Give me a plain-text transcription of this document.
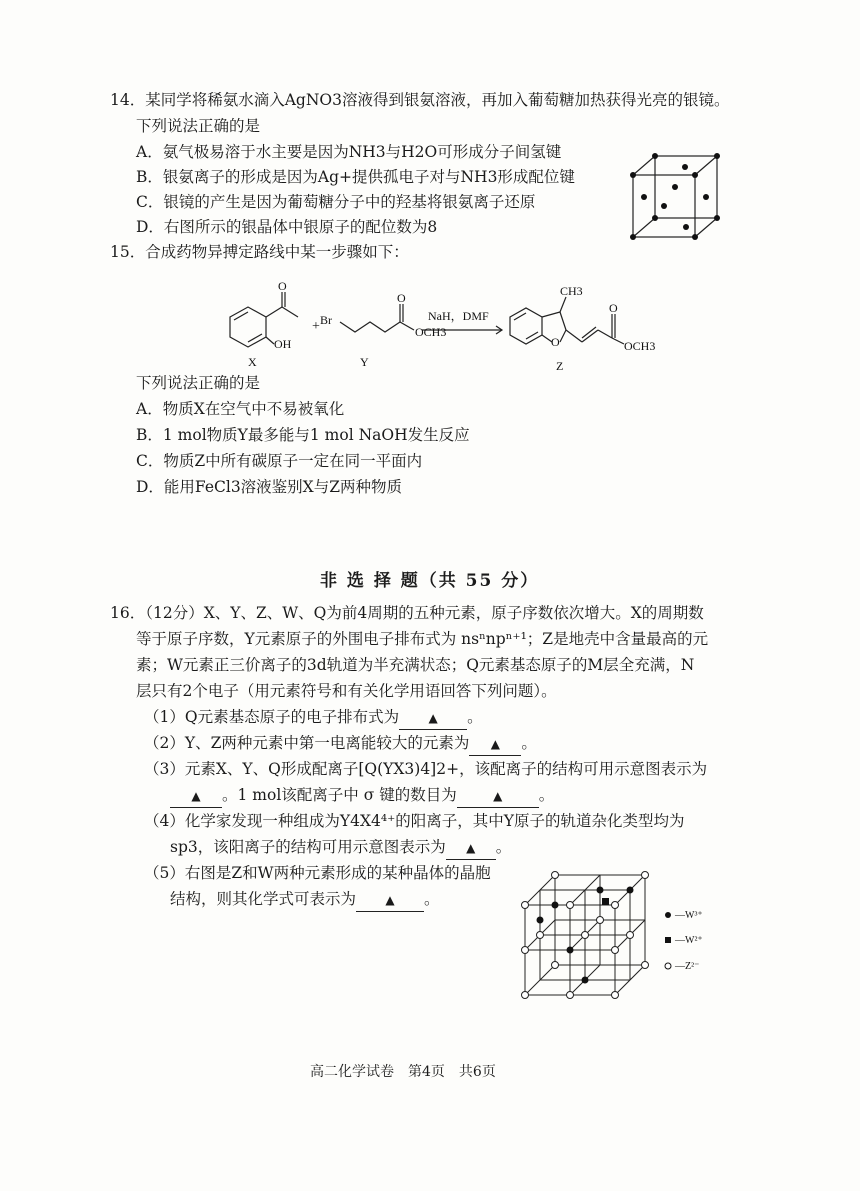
14．某同学将稀氨水滴入AgNO3溶液得到银氨溶液，再加入葡萄糖加热获得光亮的银镜。
下列说法正确的是
A．氨气极易溶于水主要是因为NH3与H2O可形成分子间氢键
B．银氨离子的形成是因为Ag+提供孤电子对与NH3形成配位键
C．银镜的产生是因为葡萄糖分子中的羟基将银氨离子还原
D．右图所示的银晶体中银原子的配位数为8
15．合成药物异搏定路线中某一步骤如下：
O
OH
X
+ Br
O
OCH3
Y
NaH，DMF
O
CH3
O
OCH3
Z
下列说法正确的是
A．物质X在空气中不易被氧化
B．1 mol物质Y最多能与1 mol NaOH发生反应
C．物质Z中所有碳原子一定在同一平面内
D．能用FeCl3溶液鉴别X与Z两种物质
非 选 择 题（共 55 分）
16．（12分）X、Y、Z、W、Q为前4周期的五种元素，原子序数依次增大。X的周期数
等于原子序数，Y元素原子的外围电子排布式为 nsⁿnpⁿ⁺¹；Z是地壳中含量最高的元
素；W元素正三价离子的3d轨道为半充满状态；Q元素基态原子的M层全充满，N
层只有2个电子（用元素符号和有关化学用语回答下列问题）。
（1）Q元素基态原子的电子排布式为 ▲ 。
（2）Y、Z两种元素中第一电离能较大的元素为 ▲ 。
（3）元素X、Y、Q形成配离子[Q(YX3)4]2+，该配离子的结构可用示意图表示为
▲ 。1 mol该配离子中 σ 键的数目为	▲ 。
（4）化学家发现一种组成为Y4X4⁴⁺的阳离子，其中Y原子的轨道杂化类型均为
sp3，该阳离子的结构可用示意图表示为 ▲ 。
（5）右图是Z和W两种元素形成的某种晶体的晶胞
结构，则其化学式可表示为 ▲ 。
—W³⁺
—W²⁺
—Z²⁻
高二化学试卷　第4页　共6页
